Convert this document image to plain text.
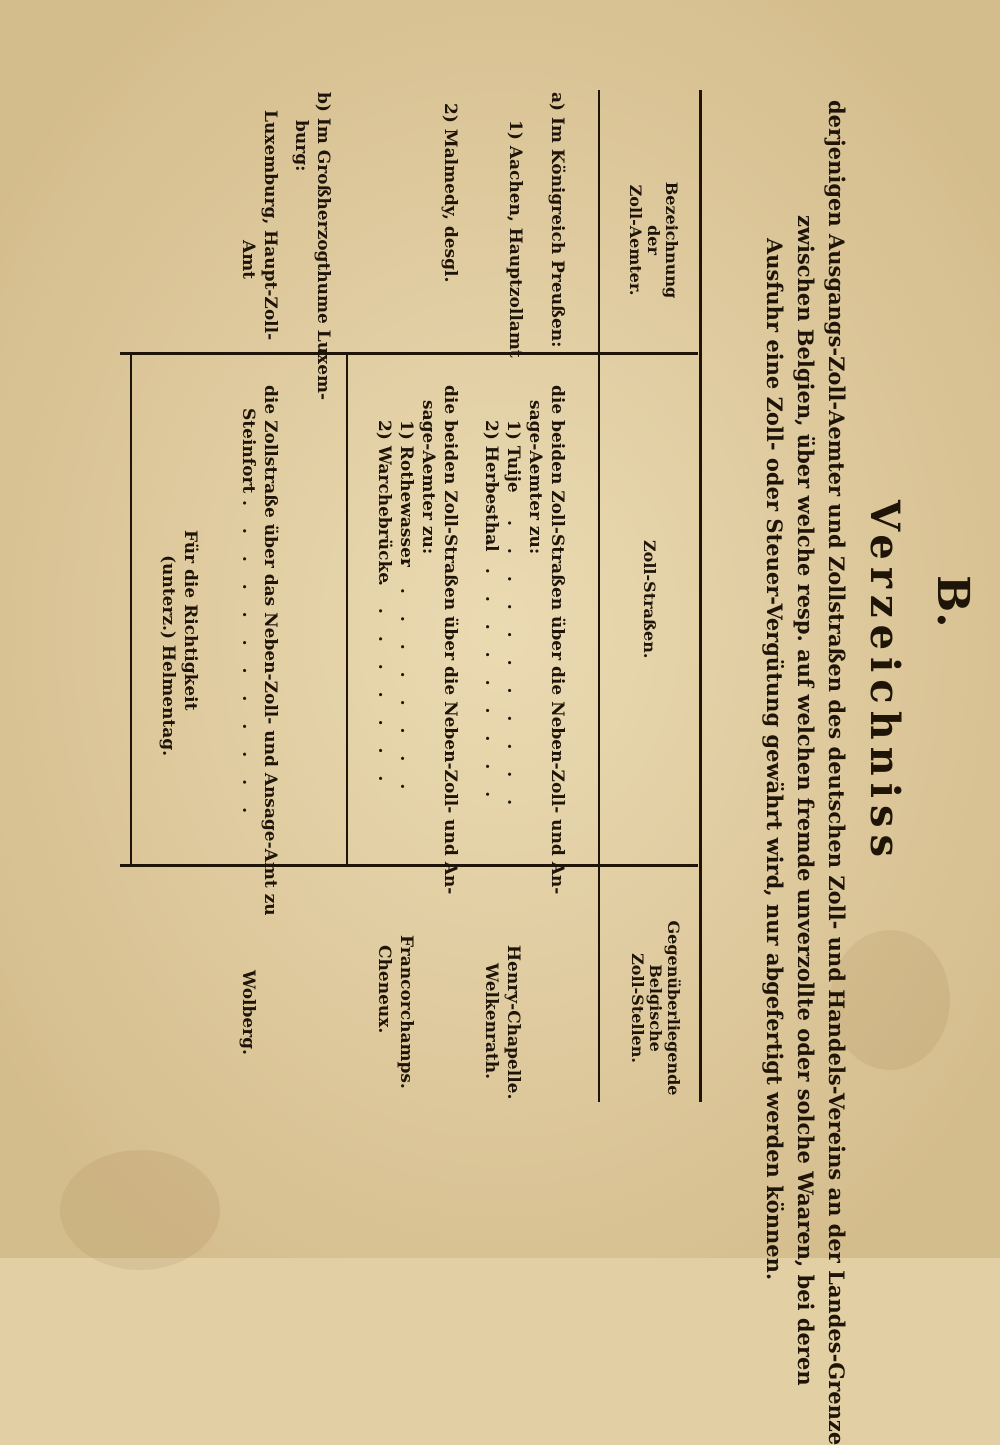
B.
Verzeichniss
derjenigen Ausgangs-Zoll-Aemter und Zollstraßen des deutschen Zoll- und Handels-Vereins an der Landes-Grenze
zwischen Belgien, über welche resp. auf welchen fremde unverzollte oder solche Waaren, bei deren
Ausfuhr eine Zoll- oder Steuer-Vergütung gewährt wird, nur abgefertigt werden können.
Bezeichnung
der
Zoll-Aemter.
Zoll-Straßen.
Gegenüberliegende
Belgische
Zoll-Stellen.
a) Im Königreich Preußen:
1) Aachen, Hauptzollamt
die beiden Zoll-Straßen über die Neben-Zoll- und An-
sage-Aemter zu:
1) Tuije
...........
2) Herbesthal
..........
Henry-Chapelle.
Welkenrath.
2) Malmedy, desgl.
die beiden Zoll-Straßen über die Neben-Zoll- und An-
sage-Aemter zu:
1) Rothewasser
.........
2) Warchebrücke
........
Francorchamps.
Cheneux.
b) Im Großherzogthume Luxem-
burg:
Luxemburg, Haupt-Zoll-
Amt
die Zollstraße über das Neben-Zoll- und Ansage-Amt zu
Steinfort
............
Wolberg.
Für die Richtigkeit
(unterz.) Helmentag.
